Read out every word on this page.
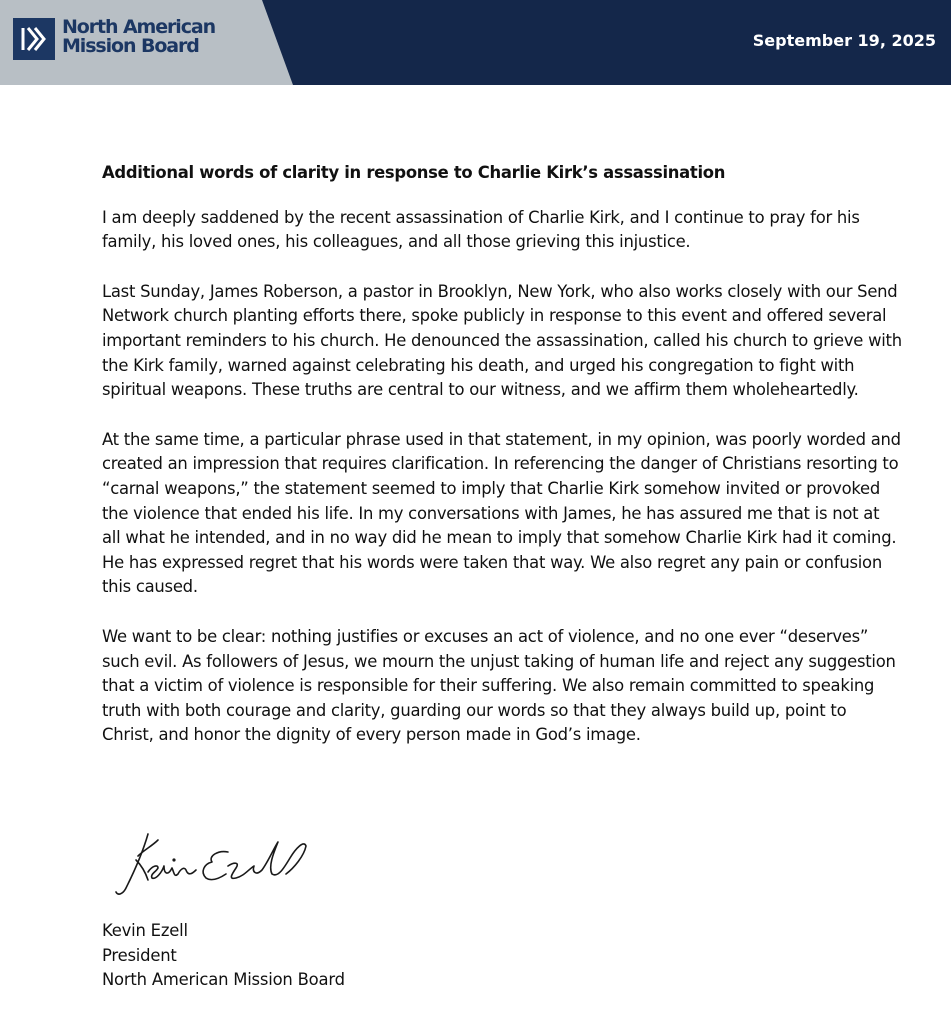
North American
Mission Board	September 19, 2025
Additional words of clarity in response to Charlie Kirk’s assassination

I am deeply saddened by the recent assassination of Charlie Kirk, and I continue to pray for his family, his loved ones, his colleagues, and all those grieving this injustice.

Last Sunday, James Roberson, a pastor in Brooklyn, New York, who also works closely with our Send Network church planting efforts there, spoke publicly in response to this event and offered several important reminders to his church. He denounced the assassination, called his church to grieve with the Kirk family, warned against celebrating his death, and urged his congregation to fight with spiritual weapons. These truths are central to our witness, and we affirm them wholeheartedly.

At the same time, a particular phrase used in that statement, in my opinion, was poorly worded and created an impression that requires clarification. In referencing the danger of Christians resorting to “carnal weapons,” the statement seemed to imply that Charlie Kirk somehow invited or provoked the violence that ended his life. In my conversations with James, he has assured me that is not at all what he intended, and in no way did he mean to imply that somehow Charlie Kirk had it coming. He has expressed regret that his words were taken that way. We also regret any pain or confusion this caused.

We want to be clear: nothing justifies or excuses an act of violence, and no one ever “deserves” such evil. As followers of Jesus, we mourn the unjust taking of human life and reject any suggestion that a victim of violence is responsible for their suffering. We also remain committed to speaking truth with both courage and clarity, guarding our words so that they always build up, point to Christ, and honor the dignity of every person made in God’s image.

Kevin Ezell
President
North American Mission Board
